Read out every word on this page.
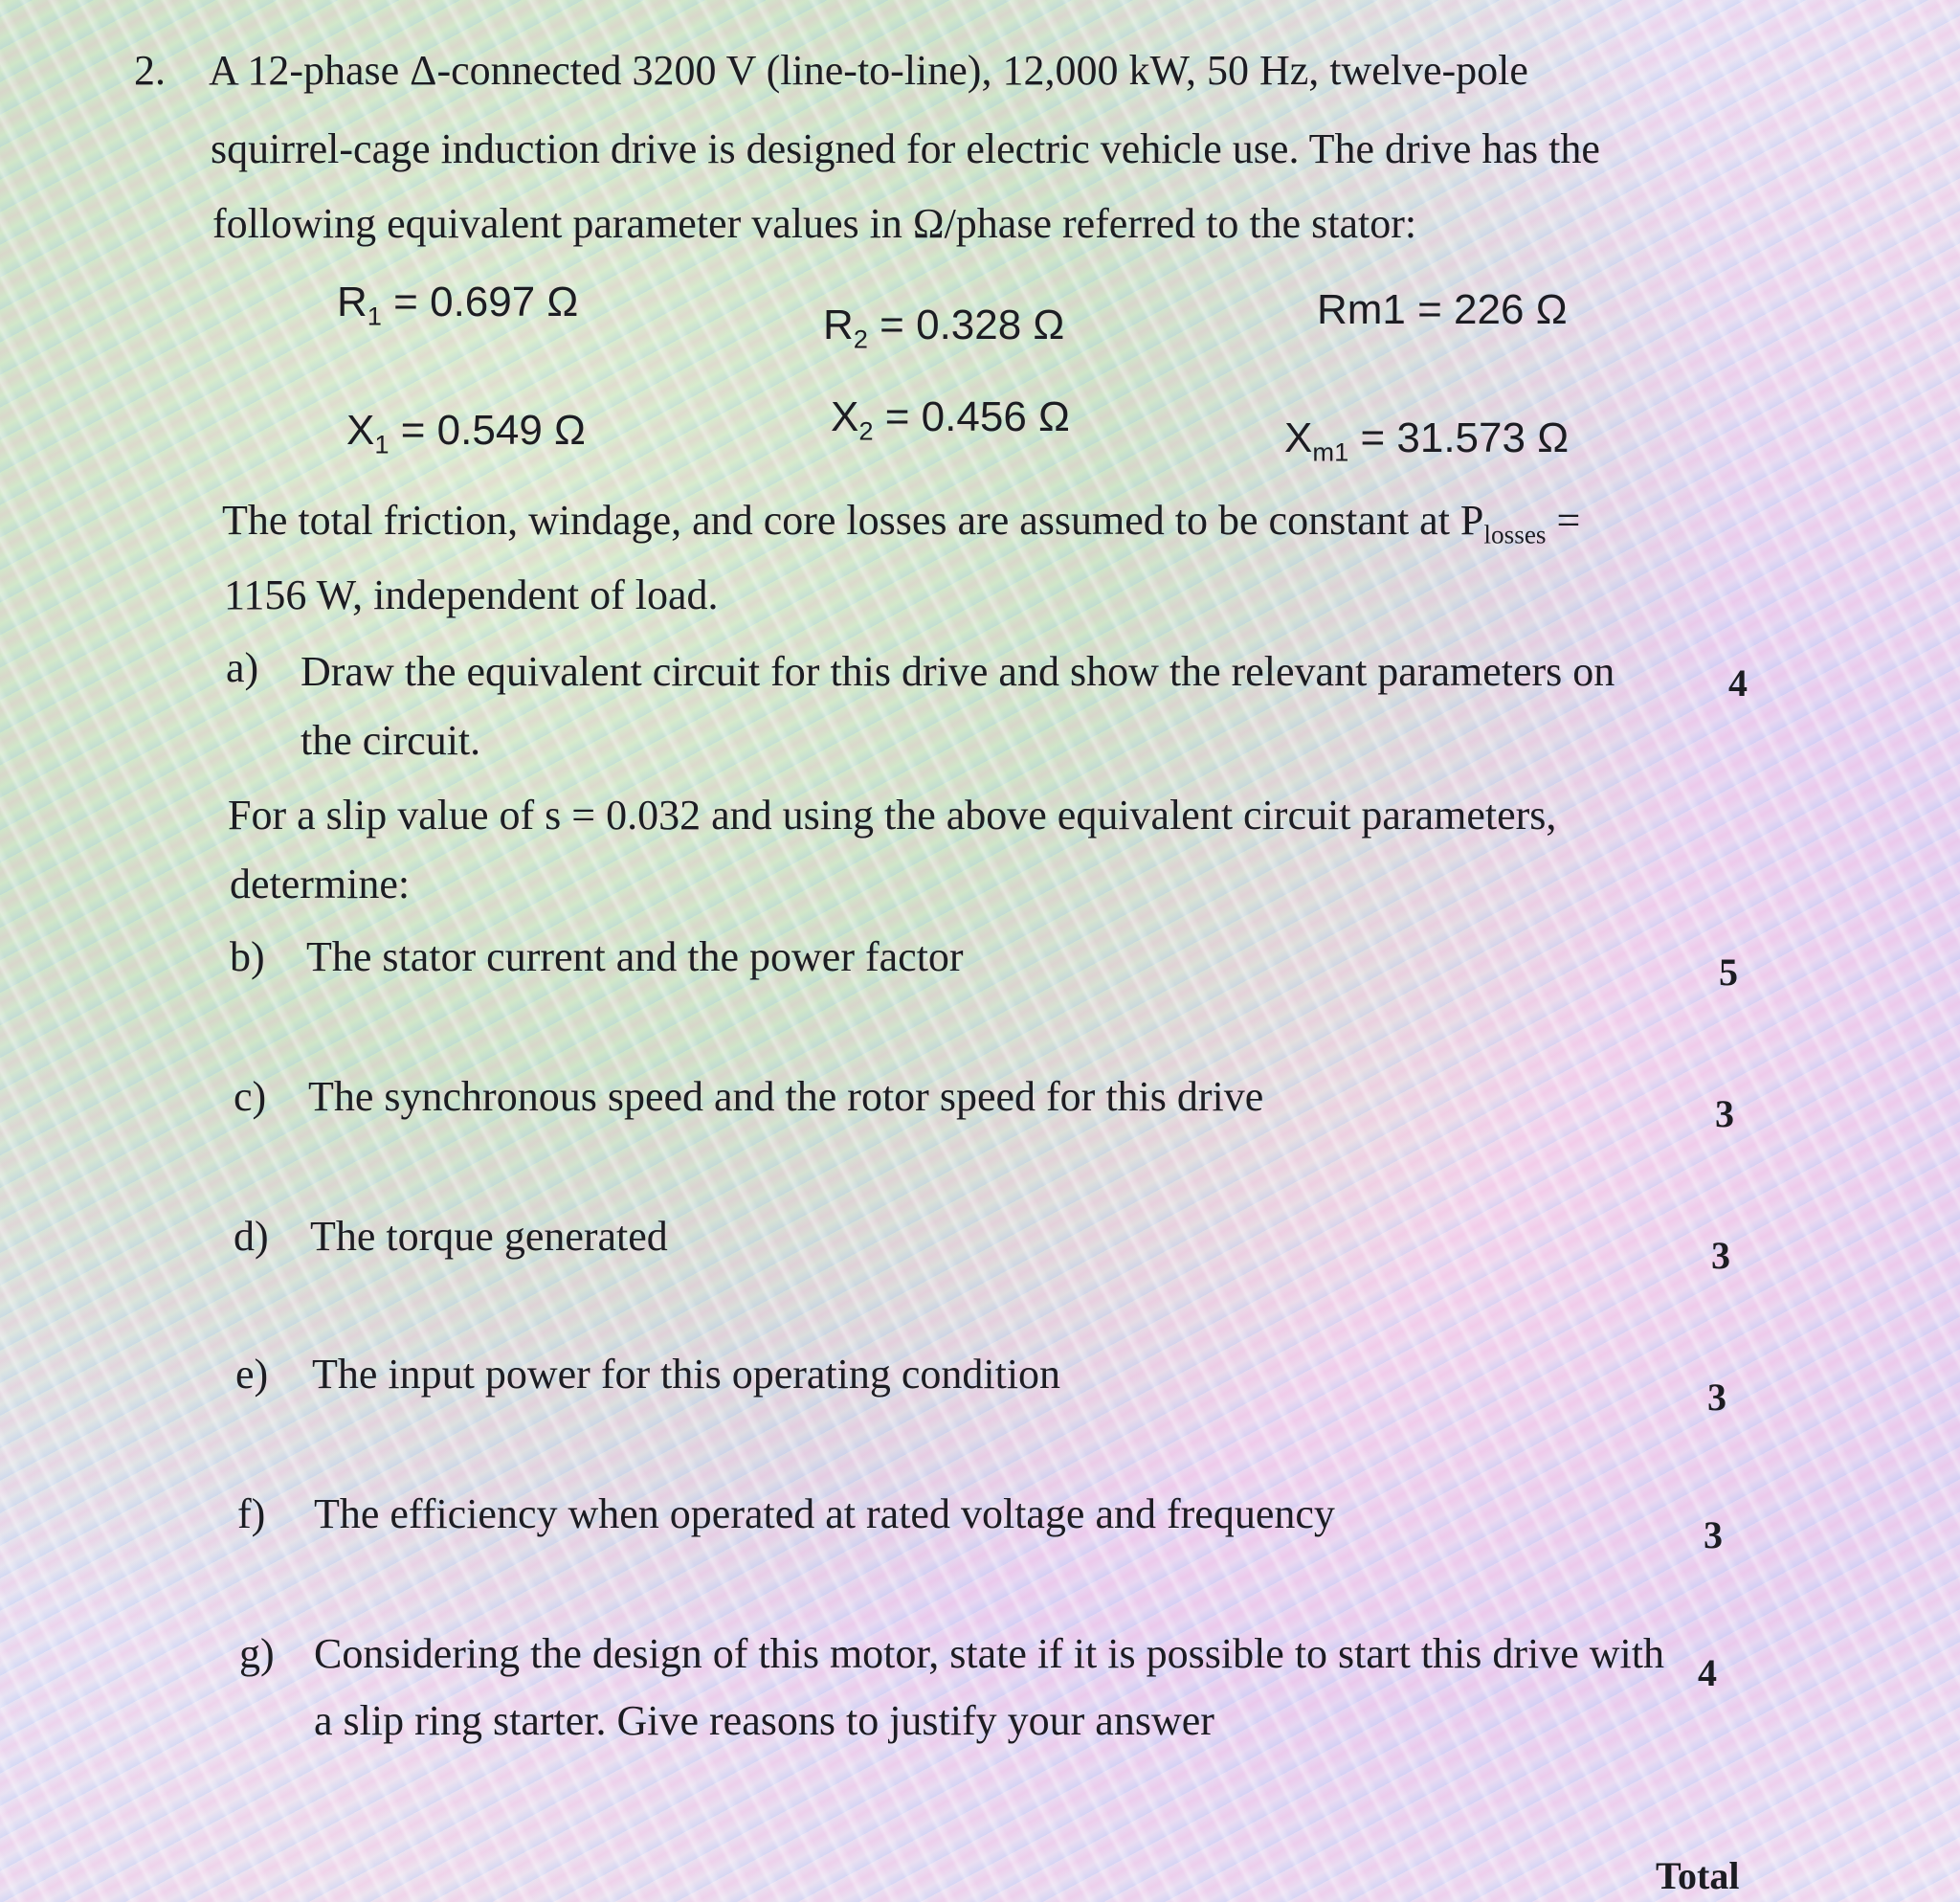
2. A 12-phase Δ-connected 3200 V (line-to-line), 12,000 kW, 50 Hz, twelve-pole
squirrel-cage induction drive is designed for electric vehicle use. The drive has the
following equivalent parameter values in Ω/phase referred to the stator:
$R_1 = 0.697$ Ω	$R_2 = 0.328$ Ω	Rm1 = 226 Ω
$X_1 = 0.549$ Ω	$X_2 = 0.456$ Ω	$X_{m1} = 31.573$ Ω
The total friction, windage, and core losses are assumed to be constant at $P_{losses}$ =
1156 W, independent of load.
a) Draw the equivalent circuit for this drive and show the relevant parameters on
the circuit.
4
For a slip value of s = 0.032 and using the above equivalent circuit parameters,
determine:
b) The stator current and the power factor	5
c) The synchronous speed and the rotor speed for this drive	3
d) The torque generated	3
e) The input power for this operating condition	3
f) The efficiency when operated at rated voltage and frequency	3
g) Considering the design of this motor, state if it is possible to start this drive with
a slip ring starter. Give reasons to justify your answer
4
Total
